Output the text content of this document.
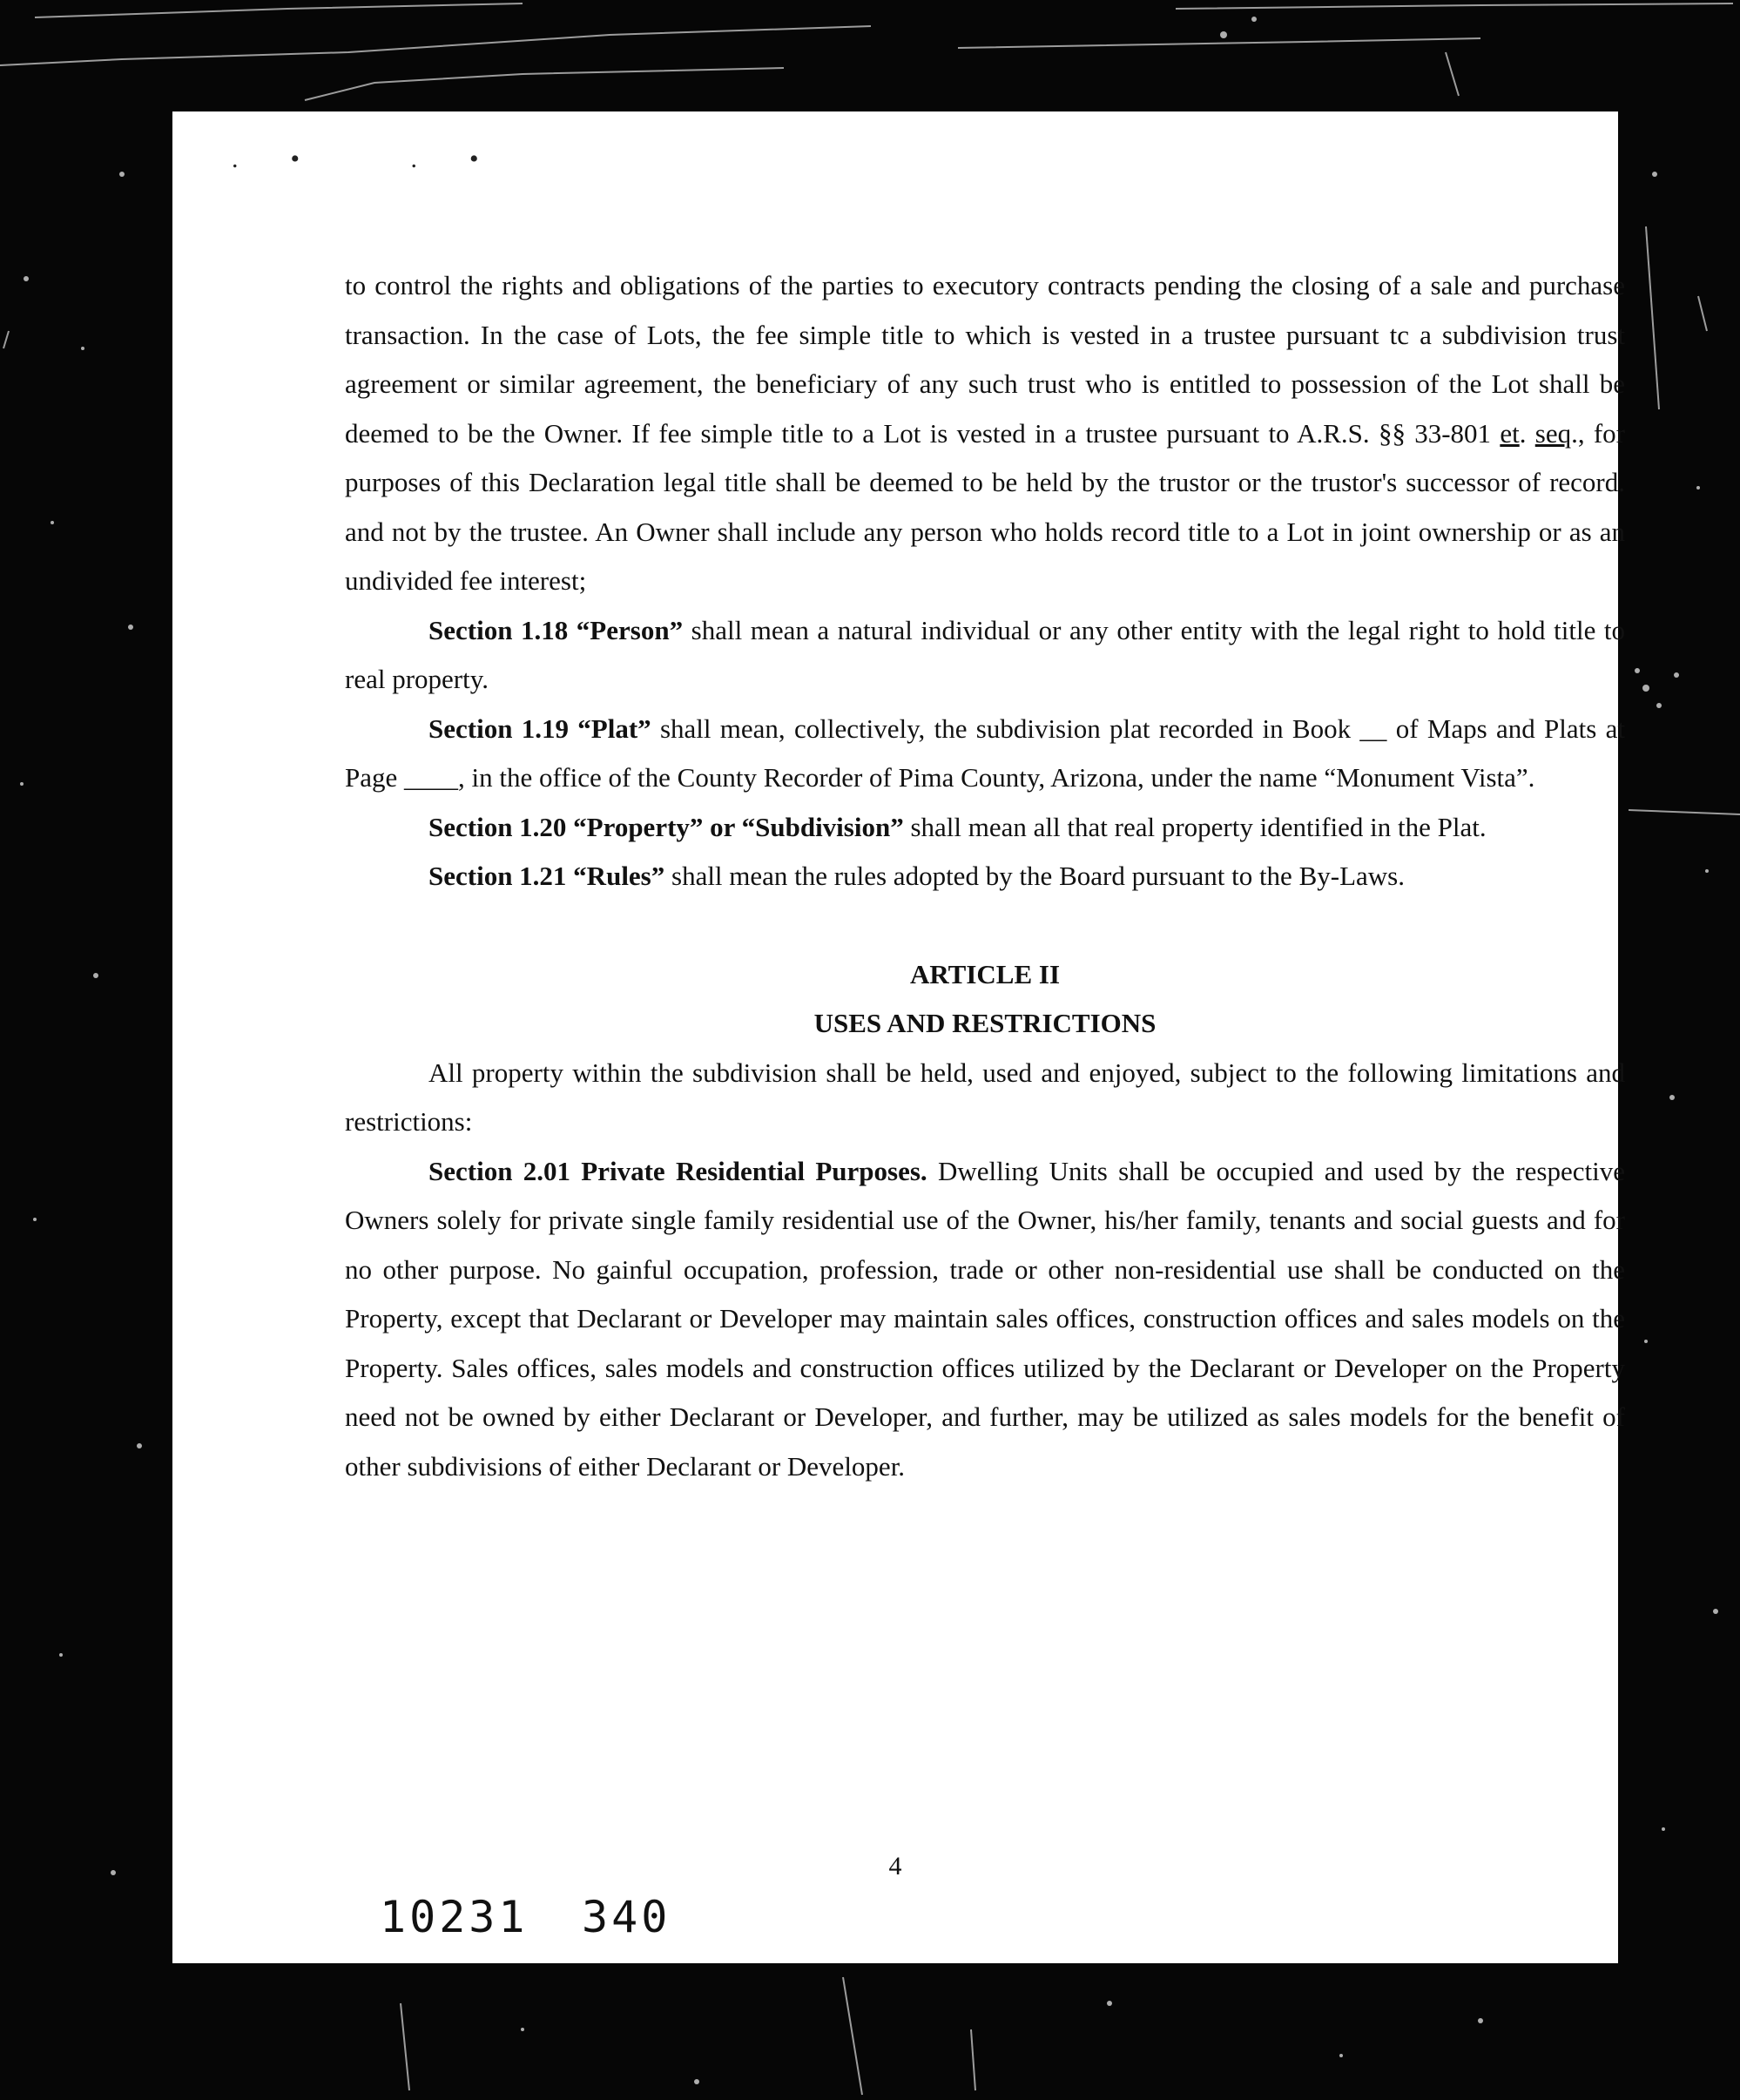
.• .•

to control the rights and obligations of the parties to executory contracts pending the closing of a sale and purchase transaction. In the case of Lots, the fee simple title to which is vested in a trustee pursuant tc a subdivision trust agreement or similar agreement, the beneficiary of any such trust who is entitled to possession of the Lot shall be deemed to be the Owner. If fee simple title to a Lot is vested in a trustee pursuant to A.R.S. §§ 33-801 et. seq., for purposes of this Declaration legal title shall be deemed to be held by the trustor or the trustor's successor of record. and not by the trustee. An Owner shall include any person who holds record title to a Lot in joint ownership or as an undivided fee interest;

Section 1.18 “Person” shall mean a natural individual or any other entity with the legal right to hold title to real property.

Section 1.19 “Plat” shall mean, collectively, the subdivision plat recorded in Book __ of Maps and Plats at Page ____, in the office of the County Recorder of Pima County, Arizona, under the name “Monument Vista”.

Section 1.20 “Property” or “Subdivision” shall mean all that real property identified in the Plat.

Section 1.21 “Rules” shall mean the rules adopted by the Board pursuant to the By-Laws.

ARTICLE II

USES AND RESTRICTIONS

All property within the subdivision shall be held, used and enjoyed, subject to the following limitations and restrictions:

Section 2.01 Private Residential Purposes. Dwelling Units shall be occupied and used by the respective Owners solely for private single family residential use of the Owner, his/her family, tenants and social guests and for no other purpose. No gainful occupation, profession, trade or other non-residential use shall be conducted on the Property, except that Declarant or Developer may maintain sales offices, construction offices and sales models on the Property. Sales offices, sales models and construction offices utilized by the Declarant or Developer on the Property need not be owned by either Declarant or Developer, and further, may be utilized as sales models for the benefit of other subdivisions of either Declarant or Developer.

4
10231 340
